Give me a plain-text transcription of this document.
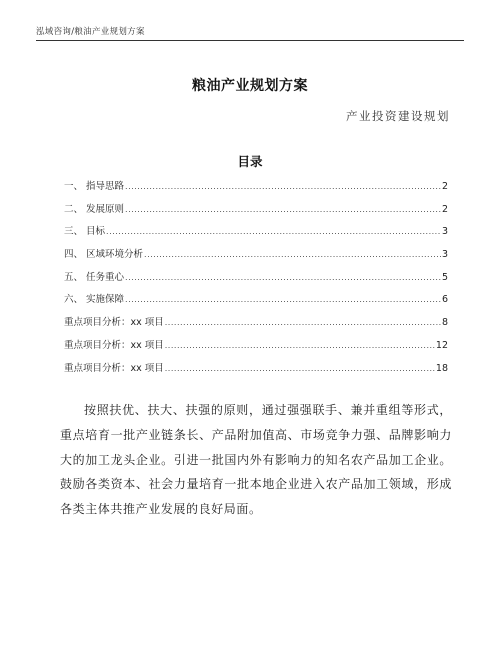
泓域咨询/粮油产业规划方案
粮油产业规划方案
产业投资建设规划
目录
一、 指导思路 .....	2
二、 发展原则 .....	2
三、 目标 .....	3
四、 区域环境分析 .....	3
五、 任务重心 .....	5
六、 实施保障 .....	6
重点项目分析：xx 项目 .....	8
重点项目分析：xx 项目 .....	12
重点项目分析：xx 项目 .....	18

按照扶优、扶大、扶强的原则，通过强强联手、兼并重组等形式，重点培育一批产业链条长、产品附加值高、市场竞争力强、品牌影响力大的加工龙头企业。引进一批国内外有影响力的知名农产品加工企业。鼓励各类资本、社会力量培育一批本地企业进入农产品加工领域，形成各类主体共推产业发展的良好局面。
